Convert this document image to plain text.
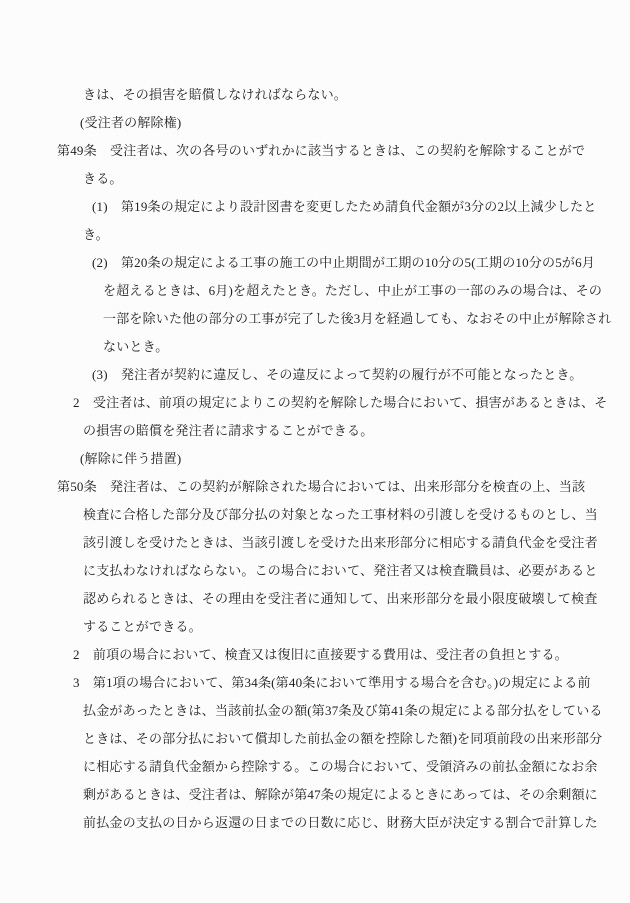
きは、その損害を賠償しなければならない。
(受注者の解除権)
第49条　受注者は、次の各号のいずれかに該当するときは、この契約を解除することがで
きる。
(1)　第19条の規定により設計図書を変更したため請負代金額が3分の2以上減少したと
き。
(2)　第20条の規定による工事の施工の中止期間が工期の10分の5(工期の10分の5が6月
を超えるときは、6月)を超えたとき。ただし、中止が工事の一部のみの場合は、その
一部を除いた他の部分の工事が完了した後3月を経過しても、なおその中止が解除され
ないとき。
(3)　発注者が契約に違反し、その違反によって契約の履行が不可能となったとき。
2　受注者は、前項の規定によりこの契約を解除した場合において、損害があるときは、そ
の損害の賠償を発注者に請求することができる。
(解除に伴う措置)
第50条　発注者は、この契約が解除された場合においては、出来形部分を検査の上、当該
検査に合格した部分及び部分払の対象となった工事材料の引渡しを受けるものとし、当
該引渡しを受けたときは、当該引渡しを受けた出来形部分に相応する請負代金を受注者
に支払わなければならない。この場合において、発注者又は検査職員は、必要があると
認められるときは、その理由を受注者に通知して、出来形部分を最小限度破壊して検査
することができる。
2　前項の場合において、検査又は復旧に直接要する費用は、受注者の負担とする。
3　第1項の場合において、第34条(第40条において準用する場合を含む。)の規定による前
払金があったときは、当該前払金の額(第37条及び第41条の規定による部分払をしている
ときは、その部分払において償却した前払金の額を控除した額)を同項前段の出来形部分
に相応する請負代金額から控除する。この場合において、受領済みの前払金額になお余
剰があるときは、受注者は、解除が第47条の規定によるときにあっては、その余剰額に
前払金の支払の日から返還の日までの日数に応じ、財務大臣が決定する割合で計算した
